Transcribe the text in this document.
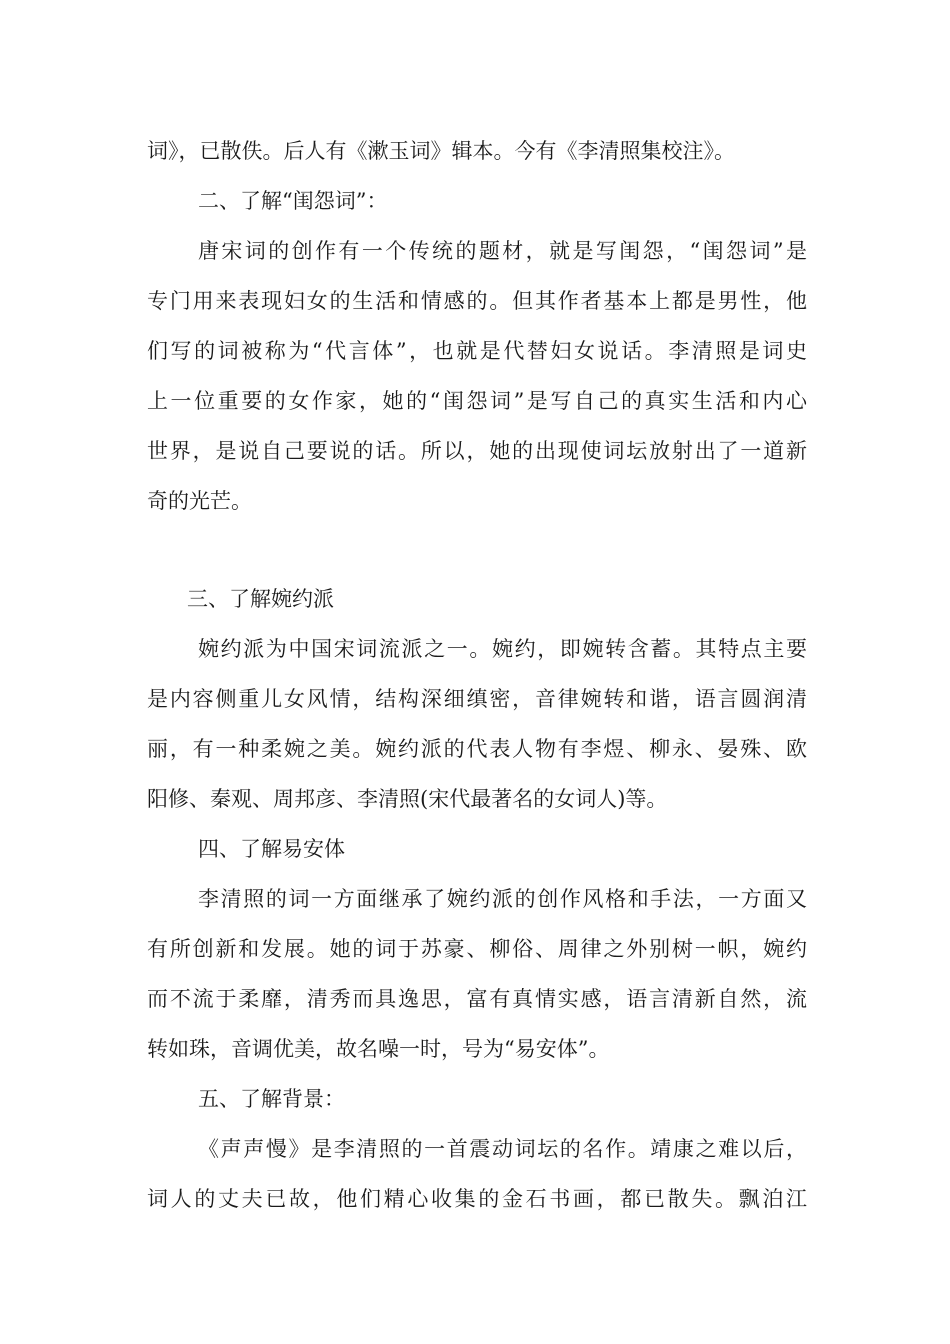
词》，已散佚。后人有《漱玉词》辑本。今有《李清照集校注》。
二、了解“闺怨词”：
唐宋词的创作有一个传统的题材，就是写闺怨，“闺怨词”是
专门用来表现妇女的生活和情感的。但其作者基本上都是男性，他
们写的词被称为“代言体”，也就是代替妇女说话。李清照是词史
上一位重要的女作家，她的“闺怨词”是写自己的真实生活和内心
世界，是说自己要说的话。所以，她的出现使词坛放射出了一道新
奇的光芒。
三、了解婉约派
婉约派为中国宋词流派之一。婉约，即婉转含蓄。其特点主要
是内容侧重儿女风情，结构深细缜密，音律婉转和谐，语言圆润清
丽，有一种柔婉之美。婉约派的代表人物有李煜、柳永、晏殊、欧
阳修、秦观、周邦彦、李清照(宋代最著名的女词人)等。
四、了解易安体
李清照的词一方面继承了婉约派的创作风格和手法，一方面又
有所创新和发展。她的词于苏豪、柳俗、周律之外别树一帜，婉约
而不流于柔靡，清秀而具逸思，富有真情实感，语言清新自然，流
转如珠，音调优美，故名噪一时，号为“易安体”。
五、了解背景：
《声声慢》是李清照的一首震动词坛的名作。靖康之难以后，
词人的丈夫已故，他们精心收集的金石书画，都已散失。飘泊江
